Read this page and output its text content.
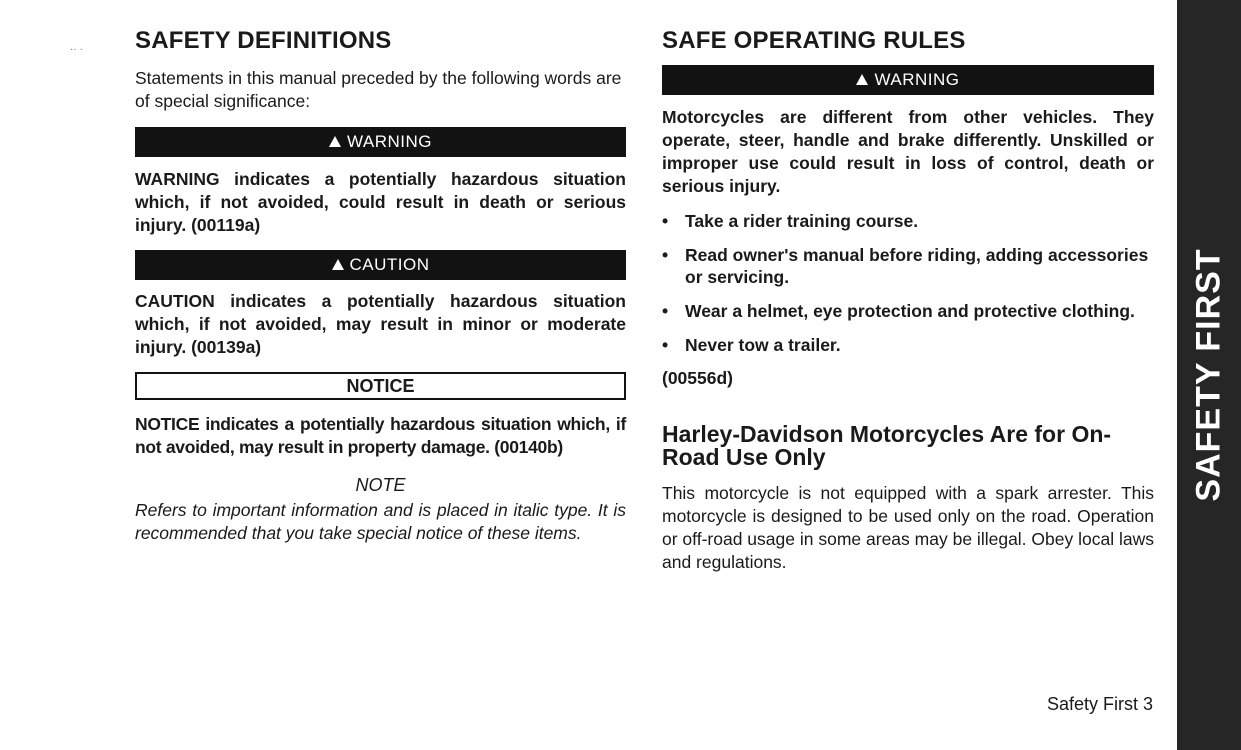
·· · SAFETY DEFINITIONS

Statements in this manual preceded by the following words are of special significance:

WARNING

WARNING indicates a potentially hazardous situation which, if not avoided, could result in death or serious injury. (00119a)

CAUTION

CAUTION indicates a potentially hazardous situation which, if not avoided, may result in minor or moderate injury. (00139a)

NOTICE

NOTICE indicates a potentially hazardous situation which, if not avoided, may result in property damage. (00140b)

NOTE

Refers to important information and is placed in italic type. It is recommended that you take special notice of these items.

SAFE OPERATING RULES
WARNING

Motorcycles are different from other vehicles. They operate, steer, handle and brake differently. Unskilled or improper use could result in loss of control, death or serious injury.

• Take a rider training course.
• Read owner's manual before riding, adding accessories or servicing.
• Wear a helmet, eye protection and protective clothing.
• Never tow a trailer.
(00556d)
Harley-Davidson Motorcycles Are for On-Road Use Only

This motorcycle is not equipped with a spark arrester. This motorcycle is designed to be used only on the road. Operation or off-road usage in some areas may be illegal. Obey local laws and regulations.

SAFETY FIRST
Safety First 3
